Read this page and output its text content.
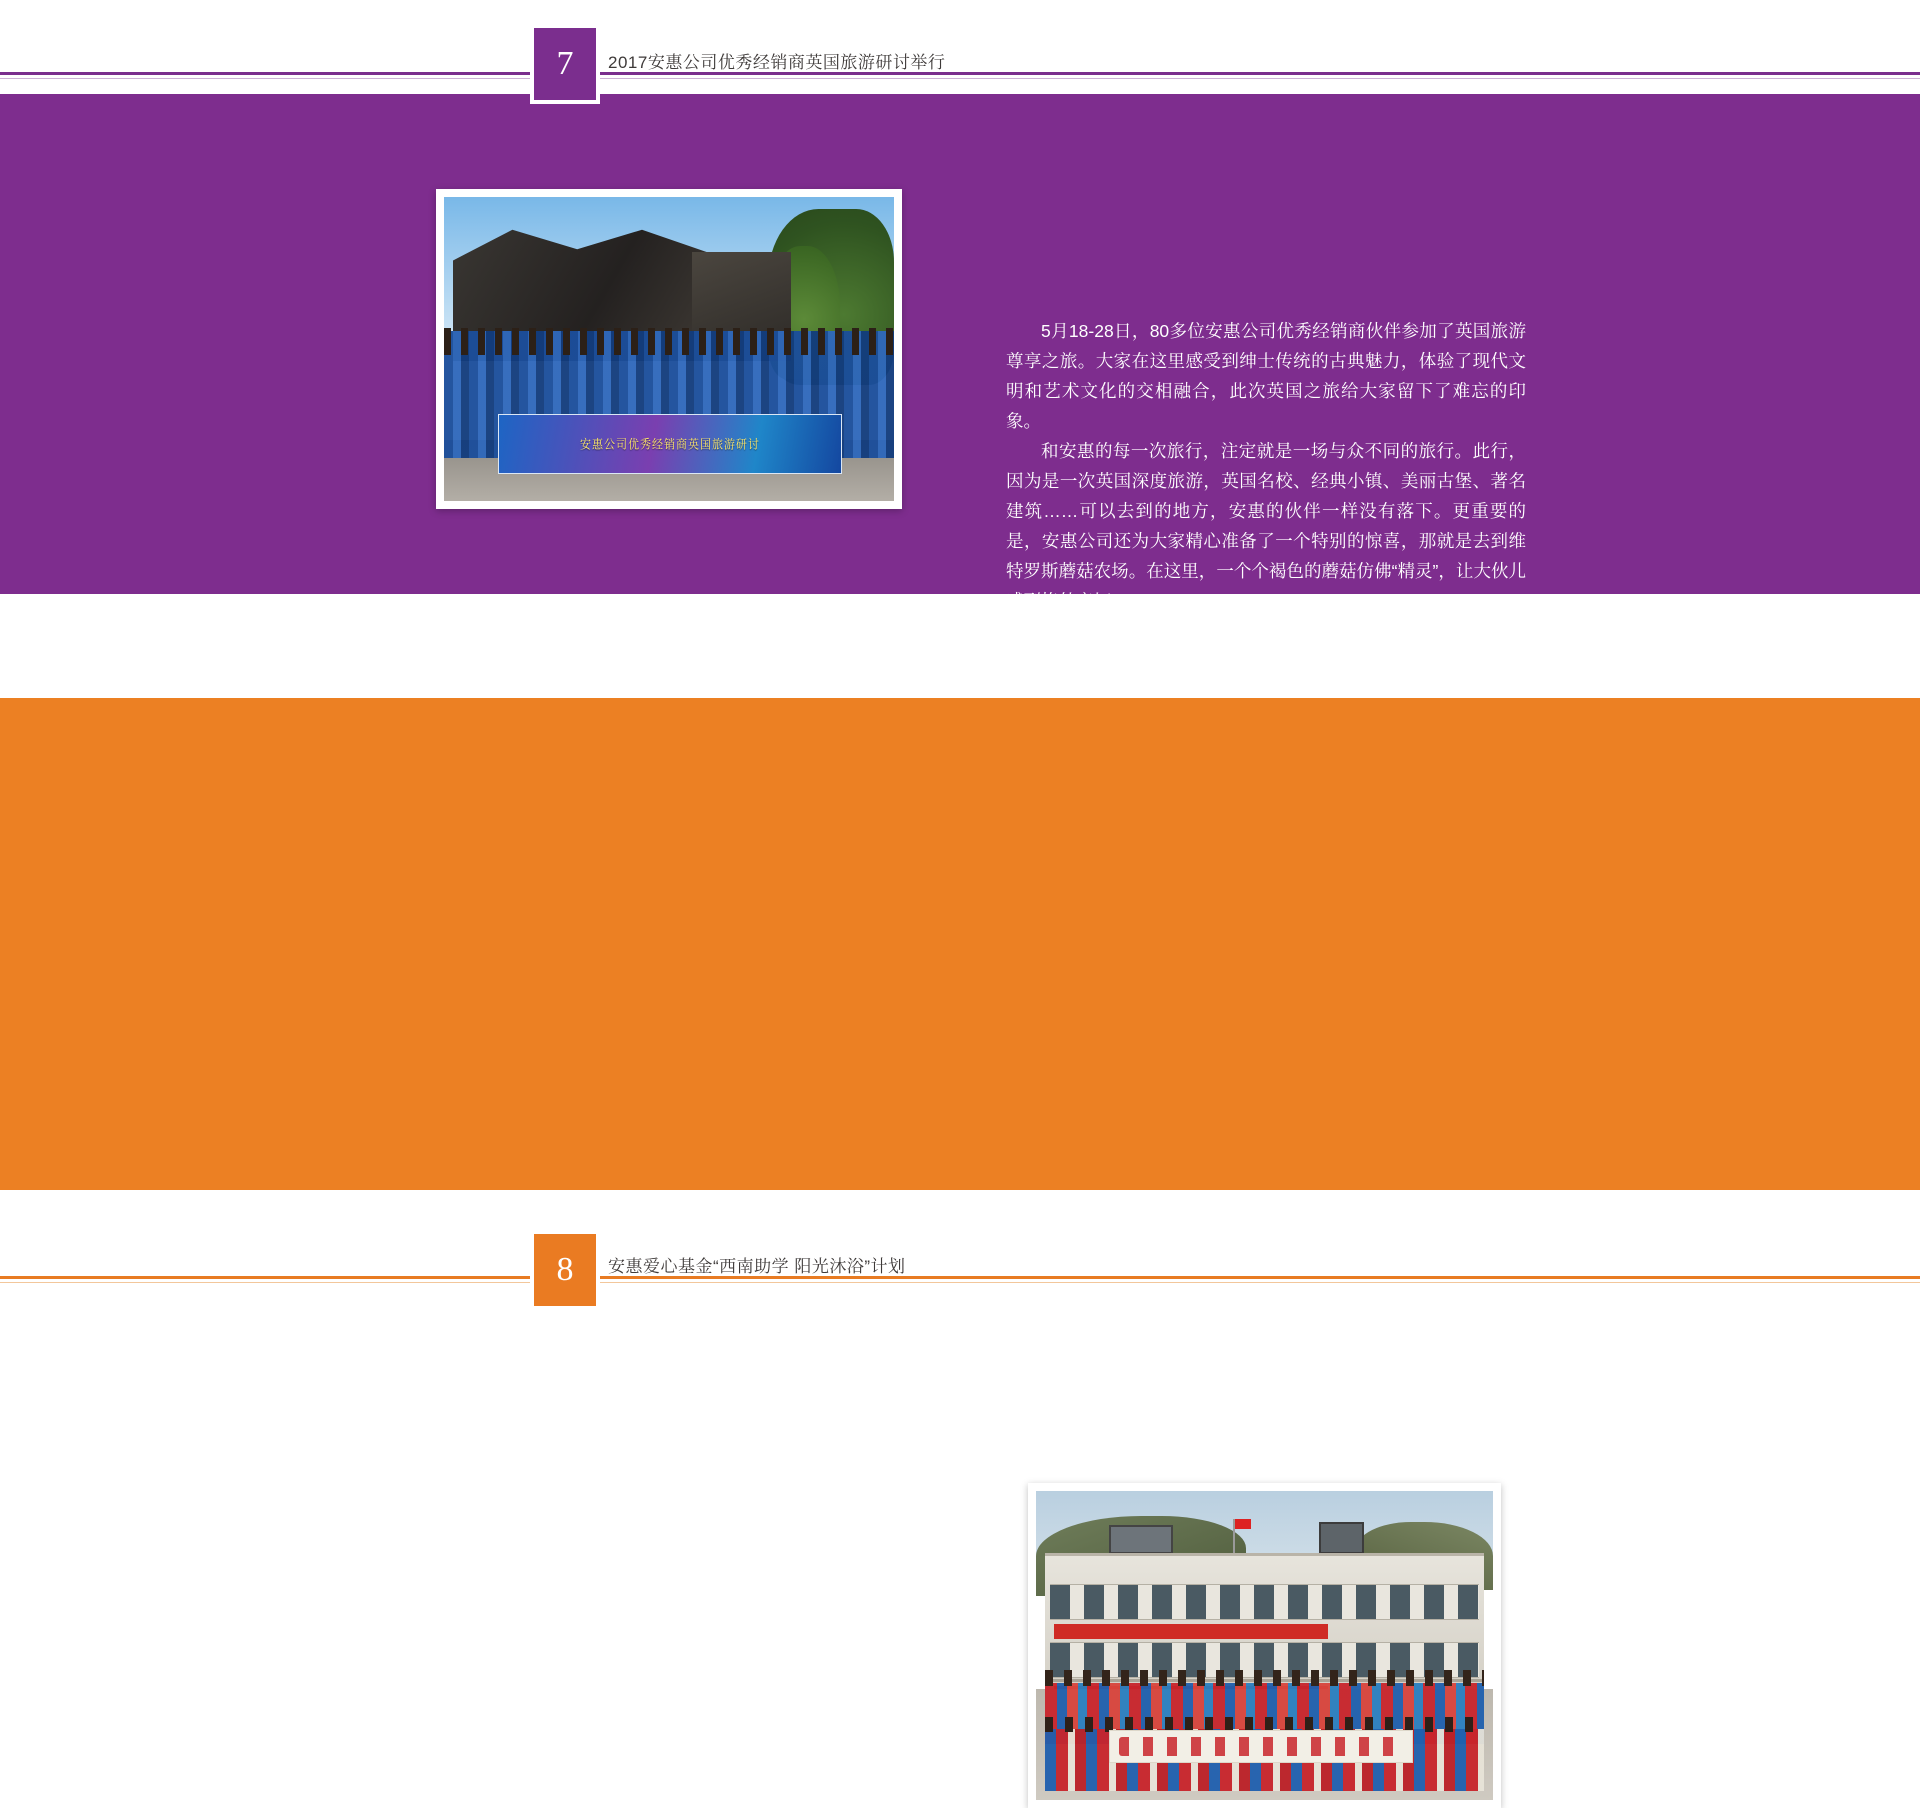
7	2017安惠公司优秀经销商英国旅游研讨举行
安惠公司优秀经销商英国旅游研讨

5月18-28日，80多位安惠公司优秀经销商伙伴参加了英国旅游尊享之旅。大家在这里感受到绅士传统的古典魅力，体验了现代文明和艺术文化的交相融合，此次英国之旅给大家留下了难忘的印象。

和安惠的每一次旅行，注定就是一场与众不同的旅行。此行，因为是一次英国深度旅游，英国名校、经典小镇、美丽古堡、著名建筑……可以去到的地方，安惠的伙伴一样没有落下。更重要的是，安惠公司还为大家精心准备了一个特别的惊喜，那就是去到维特罗斯蘑菇农场。在这里，一个个褐色的蘑菇仿佛“精灵”，让大伙儿感到格外亲切。

8	安惠爱心基金“西南助学 阳光沐浴”计划

9月28日，安惠爱心基金的志愿者们第四次来到贵州省独山县麻尾镇的麻尾小学，开展“西南助学 阳光沐浴”计划活动。

2012年10月，安惠成立了爱心基金。5年来，安惠爱心基金弘扬中华民族助人为乐的传统美德，传递安惠人真诚奉献、慷慨解囊的爱心之举，通过“春蕾成长”、“敬老帮困”、“西南助学、阳光沐浴”等计划的实施，将安惠的爱心品牌根植于社会大众的心中。
